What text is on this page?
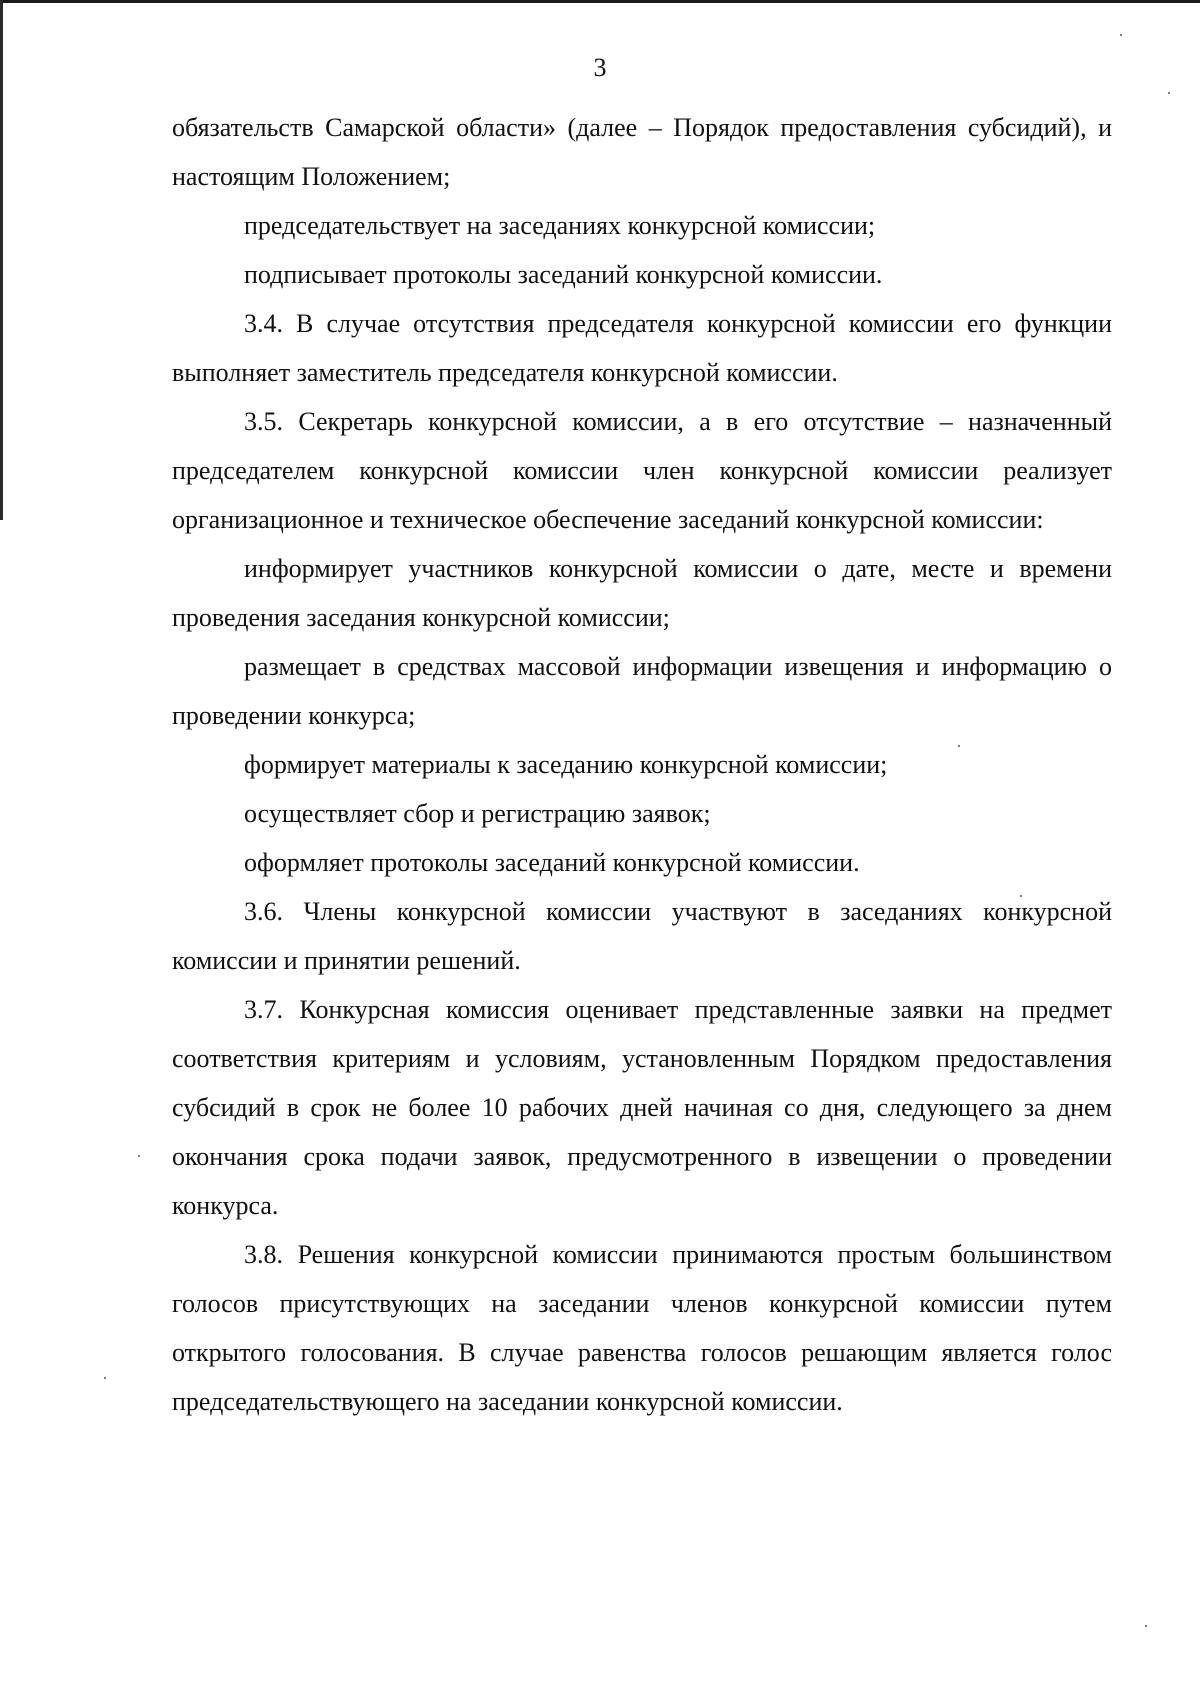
3

обязательств Самарской области» (далее – Порядок предоставления субсидий), и настоящим Положением;

председательствует на заседаниях конкурсной комиссии;

подписывает протоколы заседаний конкурсной комиссии.

3.4. В случае отсутствия председателя конкурсной комиссии его функции выполняет заместитель председателя конкурсной комиссии.

3.5. Секретарь конкурсной комиссии, а в его отсутствие – назначенный председателем конкурсной комиссии член конкурсной комиссии реализует организационное и техническое обеспечение заседаний конкурсной комиссии:

информирует участников конкурсной комиссии о дате, месте и времени проведения заседания конкурсной комиссии;

размещает в средствах массовой информации извещения и информацию о проведении конкурса;

формирует материалы к заседанию конкурсной комиссии;

осуществляет сбор и регистрацию заявок;

оформляет протоколы заседаний конкурсной комиссии.

3.6. Члены конкурсной комиссии участвуют в заседаниях конкурсной комиссии и принятии решений.

3.7. Конкурсная комиссия оценивает представленные заявки на предмет соответствия критериям и условиям, установленным Порядком предоставления субсидий в срок не более 10 рабочих дней начиная со дня, следующего за днем окончания срока подачи заявок, предусмотренного в извещении о проведении конкурса.

3.8. Решения конкурсной комиссии принимаются простым большинством голосов присутствующих на заседании членов конкурсной комиссии путем открытого голосования. В случае равенства голосов решающим является голос председательствующего на заседании конкурсной комиссии.
